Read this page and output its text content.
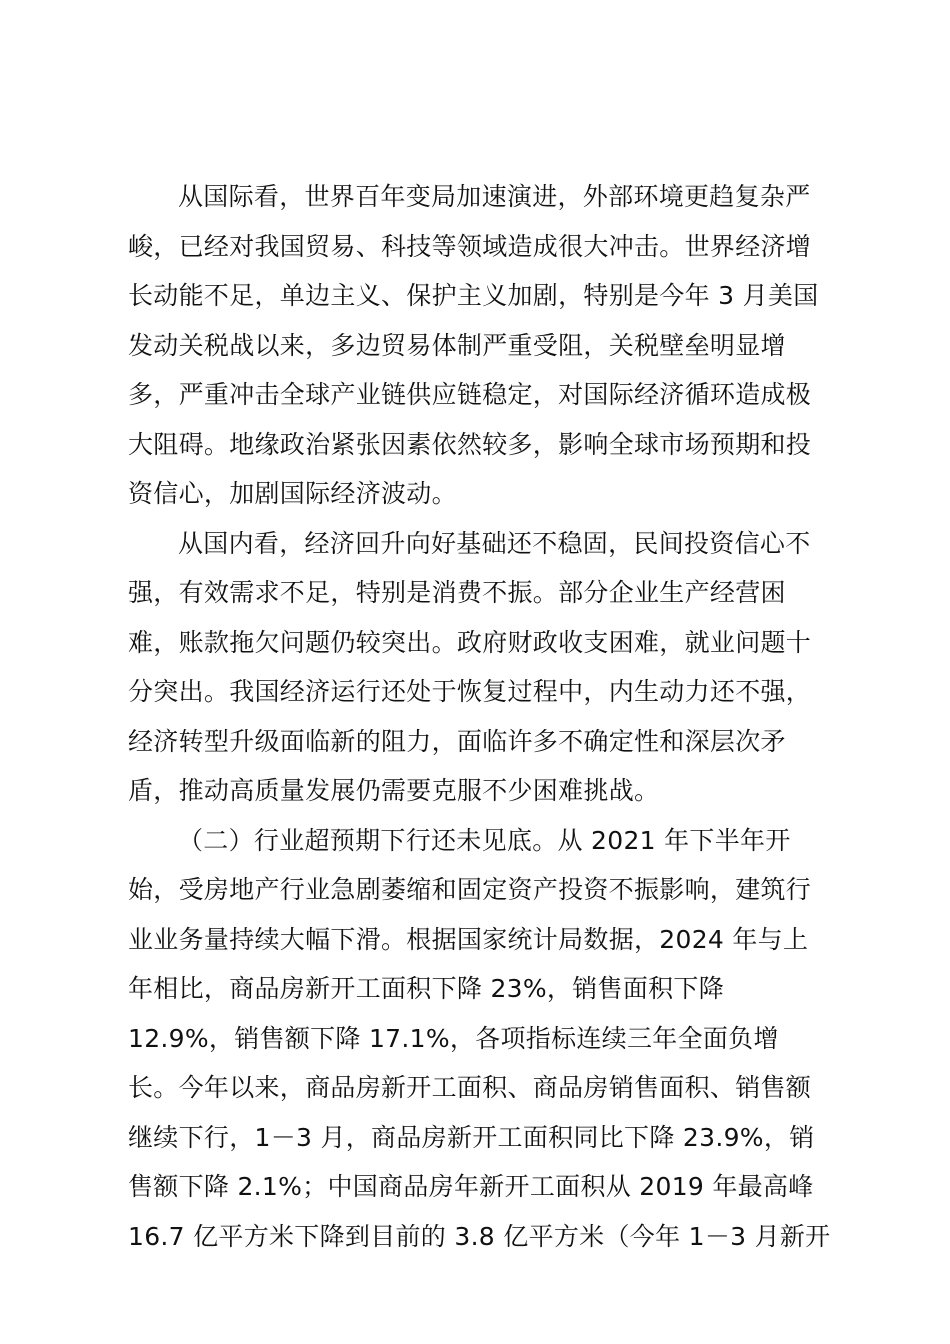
从国际看，世界百年变局加速演进，外部环境更趋复杂严
峻，已经对我国贸易、科技等领域造成很大冲击。世界经济增
长动能不足，单边主义、保护主义加剧，特别是今年 3 月美国
发动关税战以来，多边贸易体制严重受阻，关税壁垒明显增
多，严重冲击全球产业链供应链稳定，对国际经济循环造成极
大阻碍。地缘政治紧张因素依然较多，影响全球市场预期和投
资信心，加剧国际经济波动。
从国内看，经济回升向好基础还不稳固，民间投资信心不
强，有效需求不足，特别是消费不振。部分企业生产经营困
难，账款拖欠问题仍较突出。政府财政收支困难，就业问题十
分突出。我国经济运行还处于恢复过程中，内生动力还不强，
经济转型升级面临新的阻力，面临许多不确定性和深层次矛
盾，推动高质量发展仍需要克服不少困难挑战。
（二）行业超预期下行还未见底。从 2021 年下半年开
始，受房地产行业急剧萎缩和固定资产投资不振影响，建筑行
业业务量持续大幅下滑。根据国家统计局数据，2024 年与上
年相比，商品房新开工面积下降 23%，销售面积下降
12.9%，销售额下降 17.1%，各项指标连续三年全面负增
长。今年以来，商品房新开工面积、商品房销售面积、销售额
继续下行，1－3 月，商品房新开工面积同比下降 23.9%，销
售额下降 2.1%；中国商品房年新开工面积从 2019 年最高峰
16.7 亿平方米下降到目前的 3.8 亿平方米（今年 1－3 月新开
